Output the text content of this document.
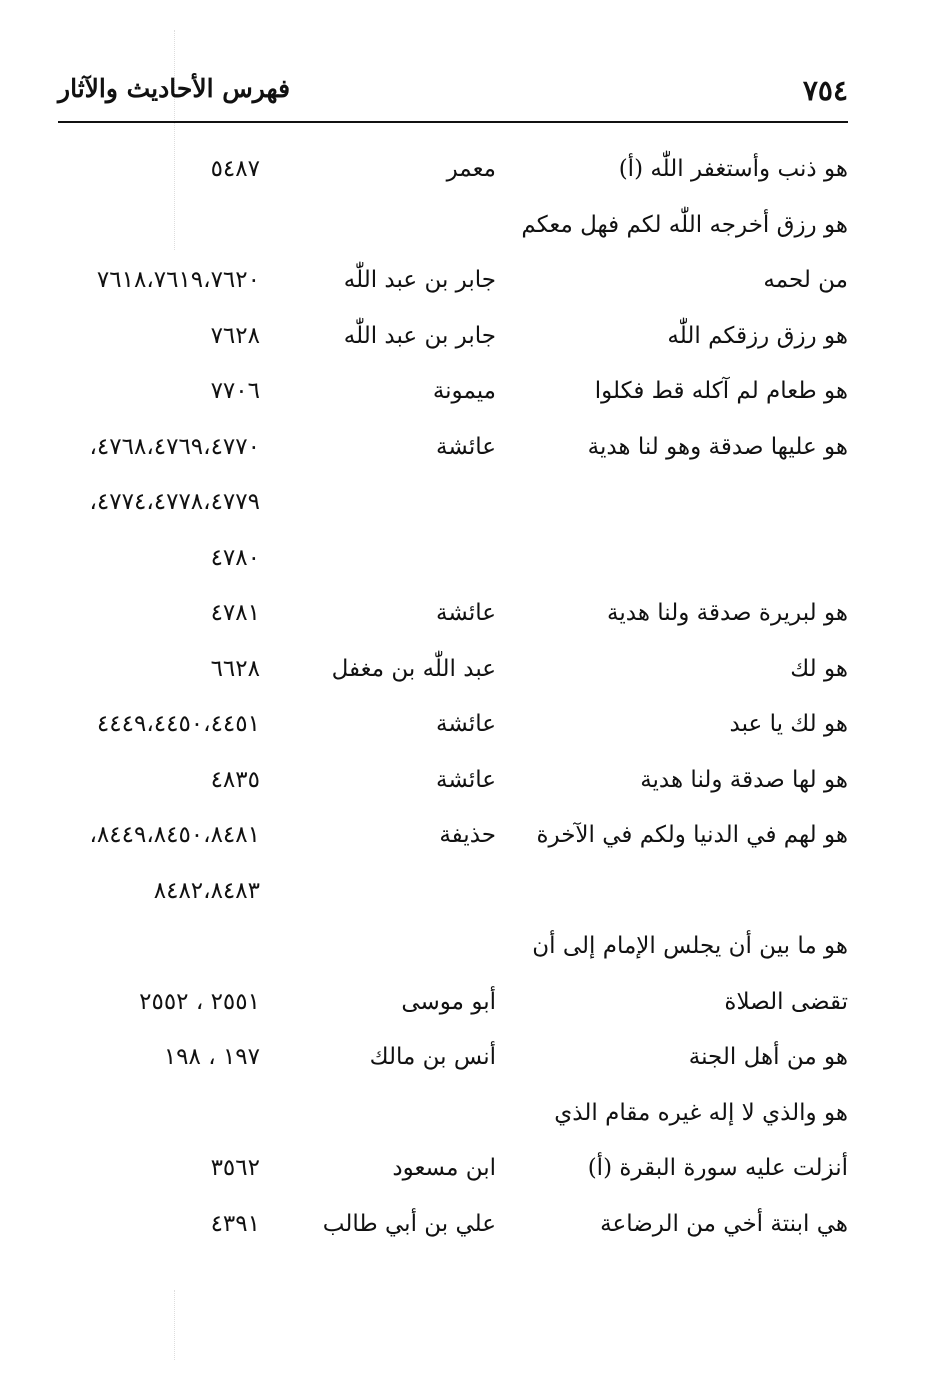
٧٥٤
فهرس الأحاديث والآثار
هو ذنب وأستغفر اللّٰه (أ)
معمر
٥٤٨٧
هو رزق أخرجه اللّٰه لكم فهل معكم
من لحمه
جابر بن عبد اللّٰه
٧٦١٨،٧٦١٩،٧٦٢٠
هو رزق رزقكم اللّٰه
جابر بن عبد اللّٰه
٧٦٢٨
هو طعام لم آكله قط فكلوا
ميمونة
٧٧٠٦
هو عليها صدقة وهو لنا هدية
عائشة
٤٧٦٨،٤٧٦٩،٤٧٧٠،
٤٧٧٤،٤٧٧٨،٤٧٧٩،
٤٧٨٠
هو لبريرة صدقة ولنا هدية
عائشة
٤٧٨١
هو لك
عبد اللّٰه بن مغفل
٦٦٢٨
هو لك يا عبد
عائشة
٤٤٤٩،٤٤٥٠،٤٤٥١
هو لها صدقة ولنا هدية
عائشة
٤٨٣٥
هو لهم في الدنيا ولكم في الآخرة
حذيفة
٨٤٤٩،٨٤٥٠،٨٤٨١،
٨٤٨٢،٨٤٨٣
هو ما بين أن يجلس الإمام إلى أن
تقضى الصلاة
أبو موسى
٢٥٥١ ، ٢٥٥٢
هو من أهل الجنة
أنس بن مالك
١٩٧ ، ١٩٨
هو والذي لا إله غيره مقام الذي
أنزلت عليه سورة البقرة (أ)
ابن مسعود
٣٥٦٢
هي ابنتة أخي من الرضاعة
علي بن أبي طالب
٤٣٩١
